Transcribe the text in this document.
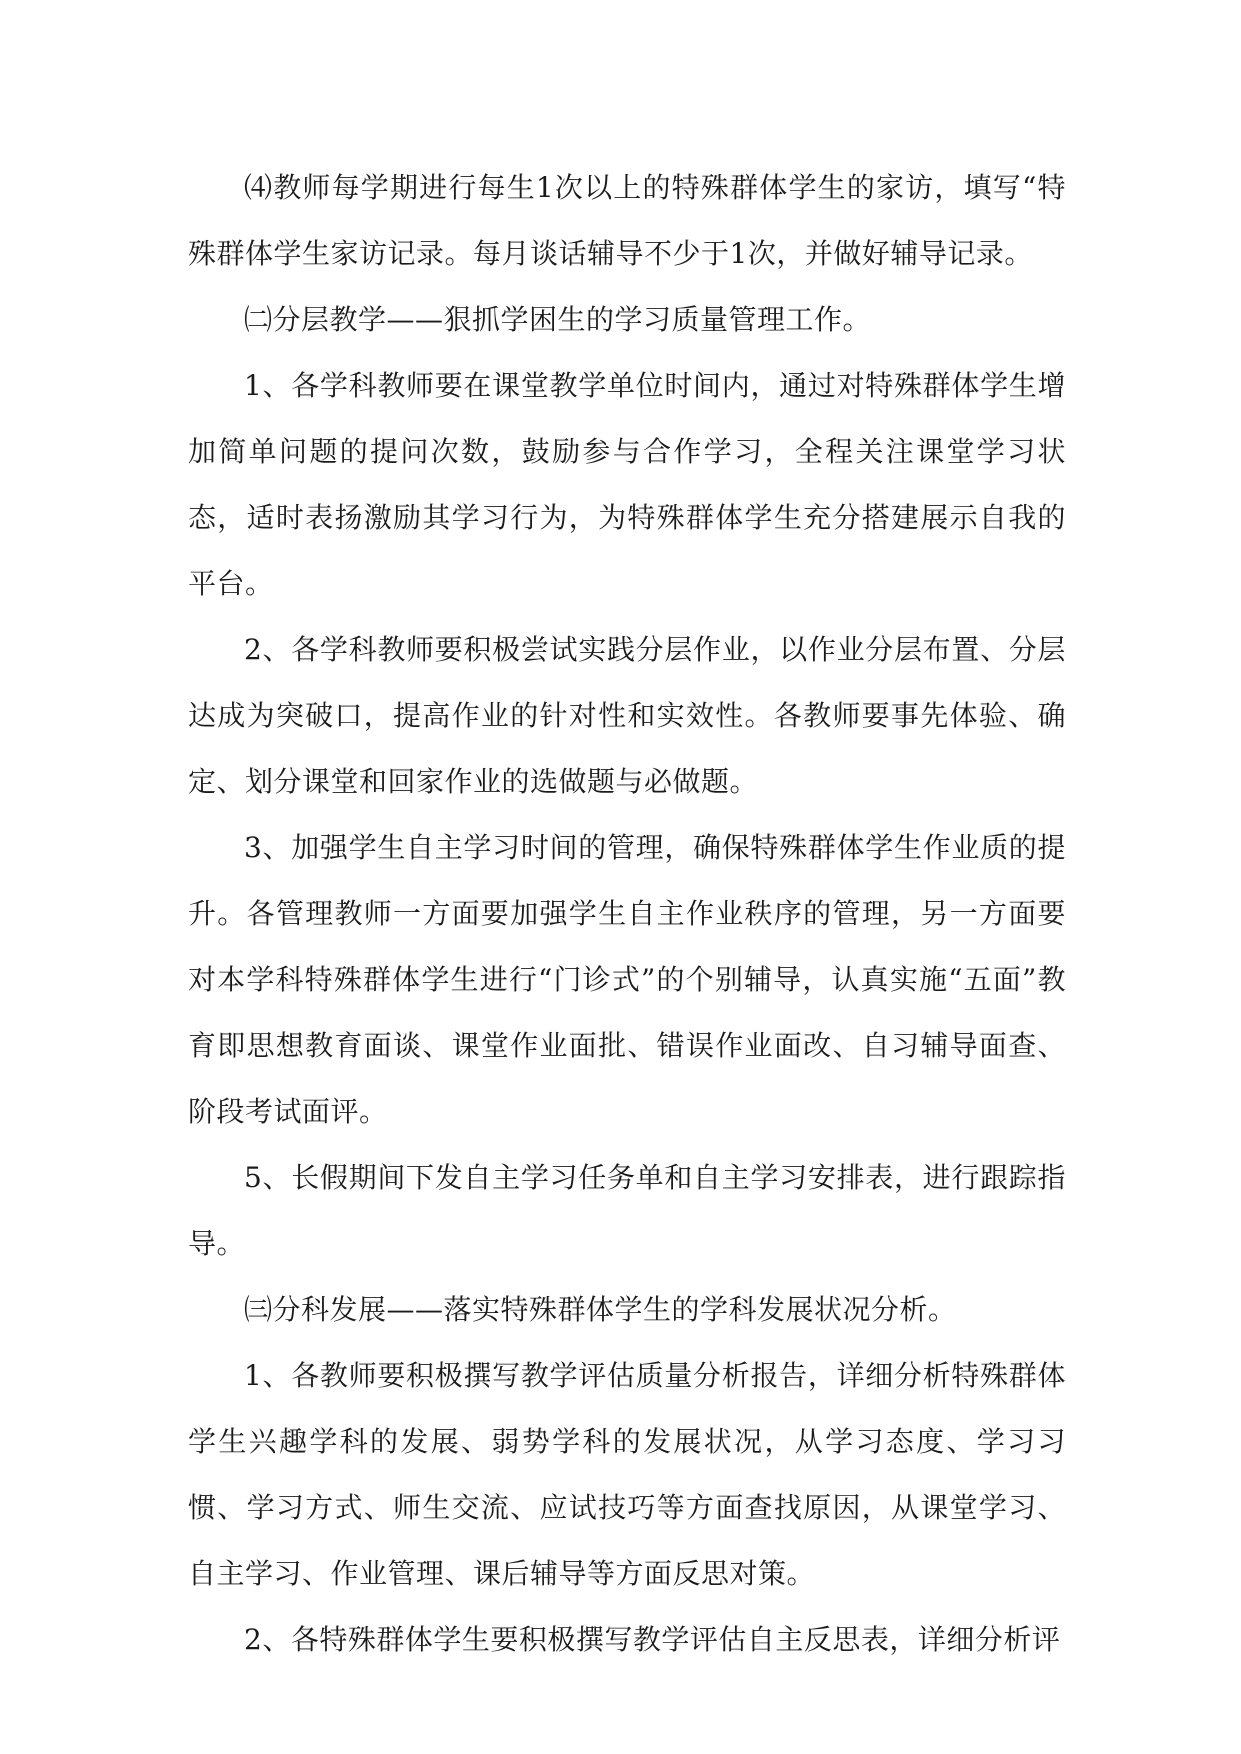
⑷教师每学期进行每生1次以上的特殊群体学生的家访，填写“特殊群体学生家访记录。每月谈话辅导不少于1次，并做好辅导记录。

㈡分层教学——狠抓学困生的学习质量管理工作。

1、各学科教师要在课堂教学单位时间内，通过对特殊群体学生增加简单问题的提问次数，鼓励参与合作学习，全程关注课堂学习状态，适时表扬激励其学习行为，为特殊群体学生充分搭建展示自我的平台。

2、各学科教师要积极尝试实践分层作业，以作业分层布置、分层达成为突破口，提高作业的针对性和实效性。各教师要事先体验、确定、划分课堂和回家作业的选做题与必做题。

3、加强学生自主学习时间的管理，确保特殊群体学生作业质的提升。各管理教师一方面要加强学生自主作业秩序的管理，另一方面要对本学科特殊群体学生进行“门诊式”的个别辅导，认真实施“五面”教育即思想教育面谈、课堂作业面批、错误作业面改、自习辅导面查、阶段考试面评。

5、长假期间下发自主学习任务单和自主学习安排表，进行跟踪指导。

㈢分科发展——落实特殊群体学生的学科发展状况分析。

1、各教师要积极撰写教学评估质量分析报告，详细分析特殊群体学生兴趣学科的发展、弱势学科的发展状况，从学习态度、学习习惯、学习方式、师生交流、应试技巧等方面查找原因，从课堂学习、自主学习、作业管理、课后辅导等方面反思对策。

2、各特殊群体学生要积极撰写教学评估自主反思表，详细分析评
